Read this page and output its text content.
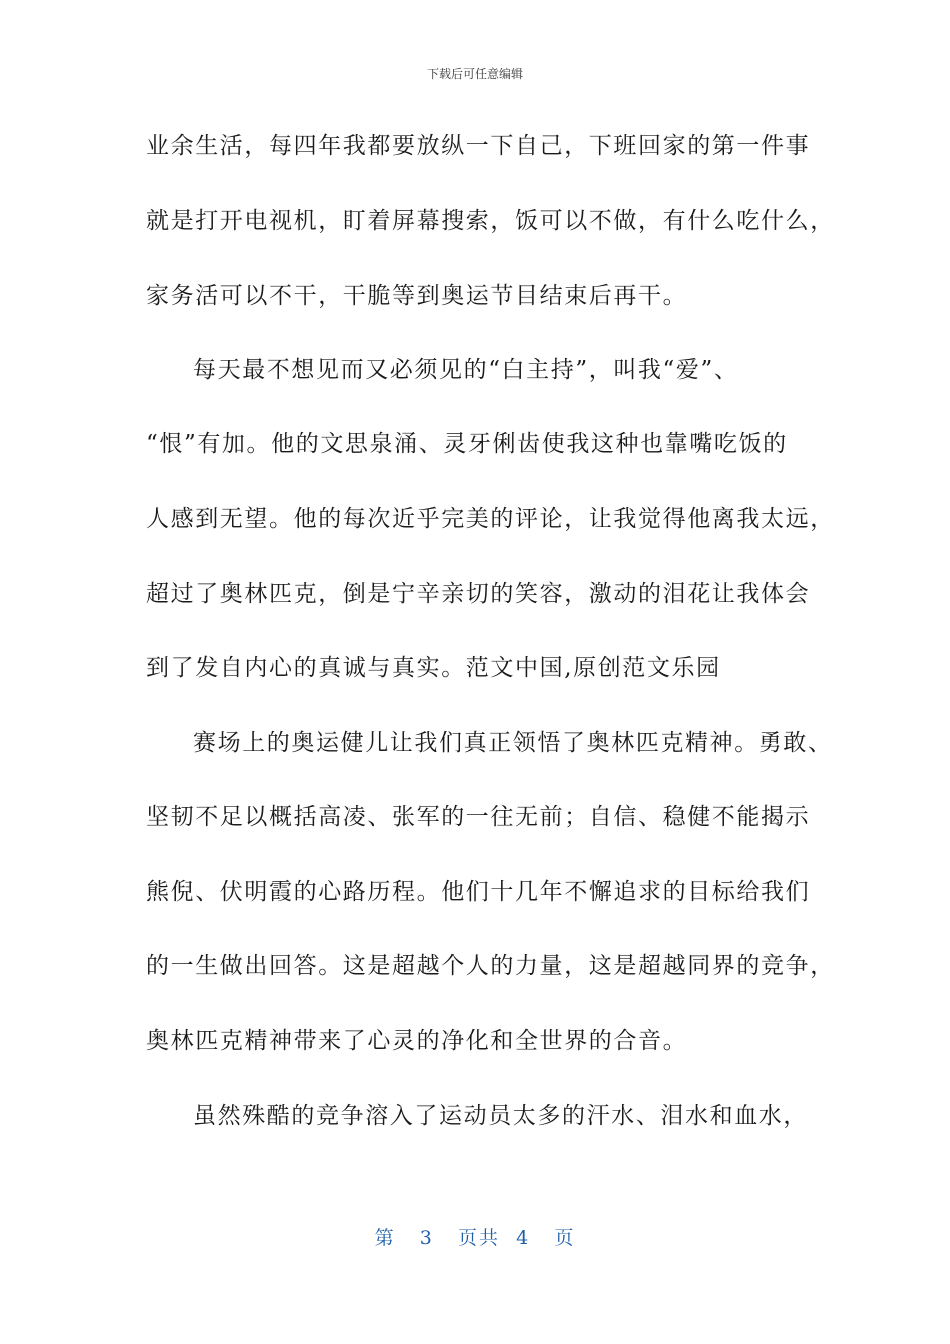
下载后可任意编辑
业余生活，每四年我都要放纵一下自己，下班回家的第一件事
就是打开电视机，盯着屏幕搜索，饭可以不做，有什么吃什么，
家务活可以不干，干脆等到奥运节目结束后再干。
每天最不想见而又必须见的“白主持”，叫我“爱”、
“恨”有加。他的文思泉涌、灵牙俐齿使我这种也靠嘴吃饭的
人感到无望。他的每次近乎完美的评论，让我觉得他离我太远，
超过了奥林匹克，倒是宁辛亲切的笑容，激动的泪花让我体会
到了发自内心的真诚与真实。范文中国,原创范文乐园
赛场上的奥运健儿让我们真正领悟了奥林匹克精神。勇敢、
坚韧不足以概括高凌、张军的一往无前；自信、稳健不能揭示
熊倪、伏明霞的心路历程。他们十几年不懈追求的目标给我们
的一生做出回答。这是超越个人的力量，这是超越同界的竞争，
奥林匹克精神带来了心灵的净化和全世界的合音。
虽然殊酷的竞争溶入了运动员太多的汗水、泪水和血水，
第 3 页共 4 页
